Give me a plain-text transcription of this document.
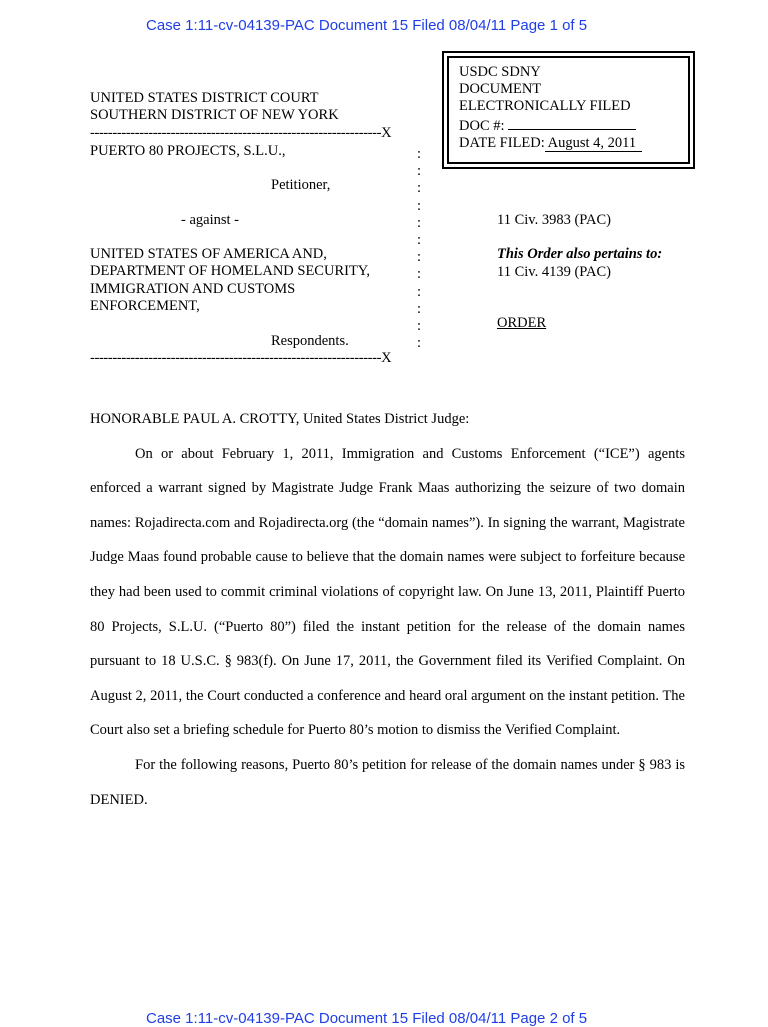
Case 1:11-cv-04139-PAC Document 15 Filed 08/04/11 Page 1 of 5
USDC SDNY
DOCUMENT
ELECTRONICALLY FILED
DOC #:
DATE FILED: August 4, 2011
UNITED STATES DISTRICT COURT
SOUTHERN DISTRICT OF NEW YORK
-----------------------------------------------------------------X
-----------------------------------------------------------------X
PUERTO 80 PROJECTS, S.L.U.,
Petitioner,
- against -
UNITED STATES OF AMERICA AND,
DEPARTMENT OF HOMELAND SECURITY,
IMMIGRATION AND CUSTOMS
ENFORCEMENT,
Respondents.
:
:
:
:
:
:
:
:
:
:
:
:
11 Civ. 3983 (PAC)
This Order also pertains to:
11 Civ. 4139 (PAC)
ORDER

HONORABLE PAUL A. CROTTY, United States District Judge:

On or about February 1, 2011, Immigration and Customs Enforcement (“ICE”) agents enforced a warrant signed by Magistrate Judge Frank Maas authorizing the seizure of two domain names: Rojadirecta.com and Rojadirecta.org (the “domain names”). In signing the warrant, Magistrate Judge Maas found probable cause to believe that the domain names were subject to forfeiture because they had been used to commit criminal violations of copyright law. On June 13, 2011, Plaintiff Puerto 80 Projects, S.L.U. (“Puerto 80”) filed the instant petition for the release of the domain names pursuant to 18 U.S.C. § 983(f). On June 17, 2011, the Government filed its Verified Complaint. On August 2, 2011, the Court conducted a conference and heard oral argument on the instant petition. The Court also set a briefing schedule for Puerto 80’s motion to dismiss the Verified Complaint.

For the following reasons, Puerto 80’s petition for release of the domain names under § 983 is DENIED.

Case 1:11-cv-04139-PAC Document 15 Filed 08/04/11 Page 2 of 5
